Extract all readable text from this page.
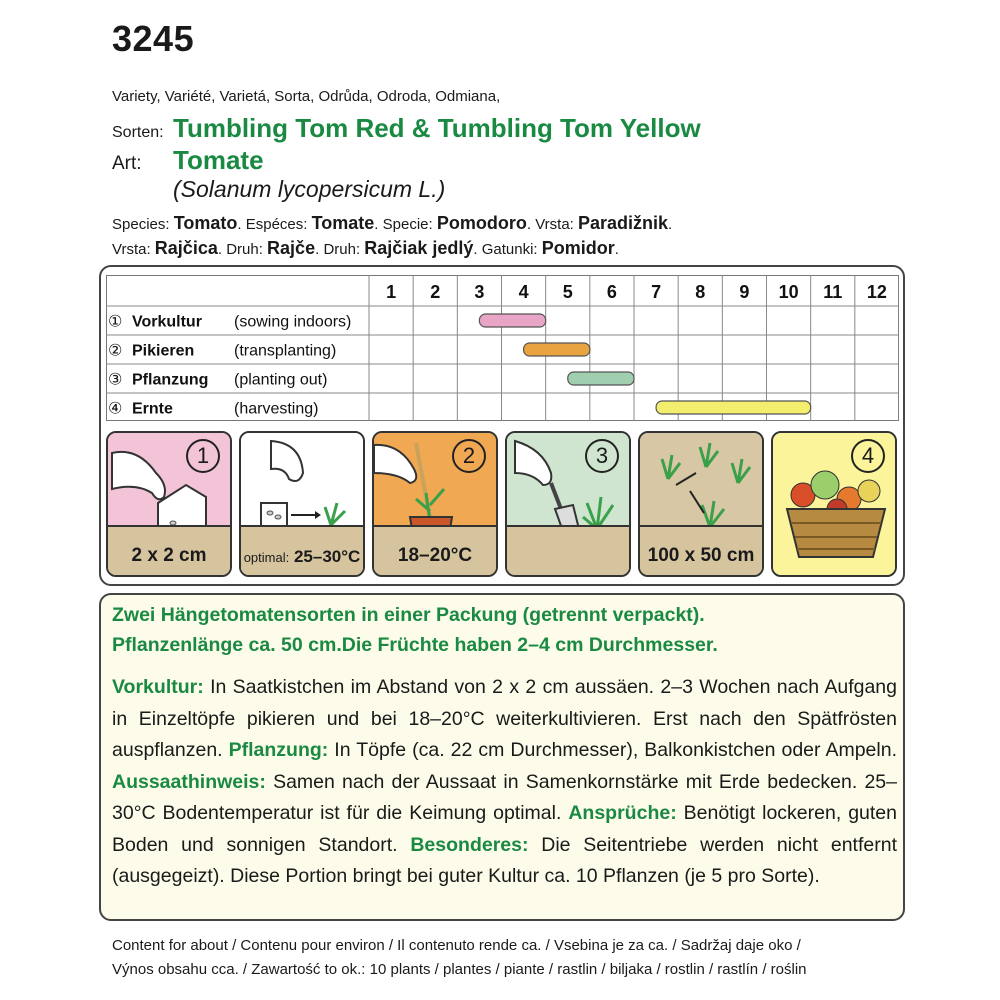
3245
Variety, Variété, Varietá, Sorta, Odrůda, Odroda, Odmiana,
Sorten: Tumbling Tom Red & Tumbling Tom Yellow
Art: Tomate
(Solanum lycopersicum L.)
Species: Tomato. Espéces: Tomate. Specie: Pomodoro. Vrsta: Paradižnik.
Vrsta: Rajčica. Druh: Rajče. Druh: Rajčiak jedlý. Gatunki: Pomidor.
1 2 3 4 5 6 7 8 9 10 11 12
① Vorkultur (sowing indoors)
② Pikieren (transplanting)
③ Pflanzung (planting out)
④ Ernte	(harvesting)
1
2 x 2 cm	optimal: 25–30°C
2
18–20°C
3
100 x 50 cm
4
Zwei Hängetomatensorten in einer Packung (getrennt verpackt).
Pflanzenlänge ca. 50 cm.Die Früchte haben 2–4 cm Durchmesser.
Vorkultur: In Saatkistchen im Abstand von 2 x 2 cm aussäen. 2–3 Wochen nach Aufgang in Einzeltöpfe pikieren und bei 18–20°C weiterkultivieren. Erst nach den Spätfrösten auspflanzen. Pflanzung: In Töpfe (ca. 22 cm Durchmesser), Balkonkistchen oder Ampeln. Aussaathinweis: Samen nach der Aussaat in Samenkornstärke mit Erde bedecken. 25–30°C Bodentemperatur ist für die Keimung optimal. Ansprüche: Benötigt lockeren, guten Boden und sonnigen Standort. Besonderes: Die Seitentriebe werden nicht entfernt (ausgegeizt). Diese Portion bringt bei guter Kultur ca. 10 Pflanzen (je 5 pro Sorte).
Content for about / Contenu pour environ / Il contenuto rende ca. / Vsebina je za ca. / Sadržaj daje oko /
Výnos obsahu cca. / Zawartość to ok.: 10 plants / plantes / piante / rastlin / biljaka / rostlin / rastlín / roślin
